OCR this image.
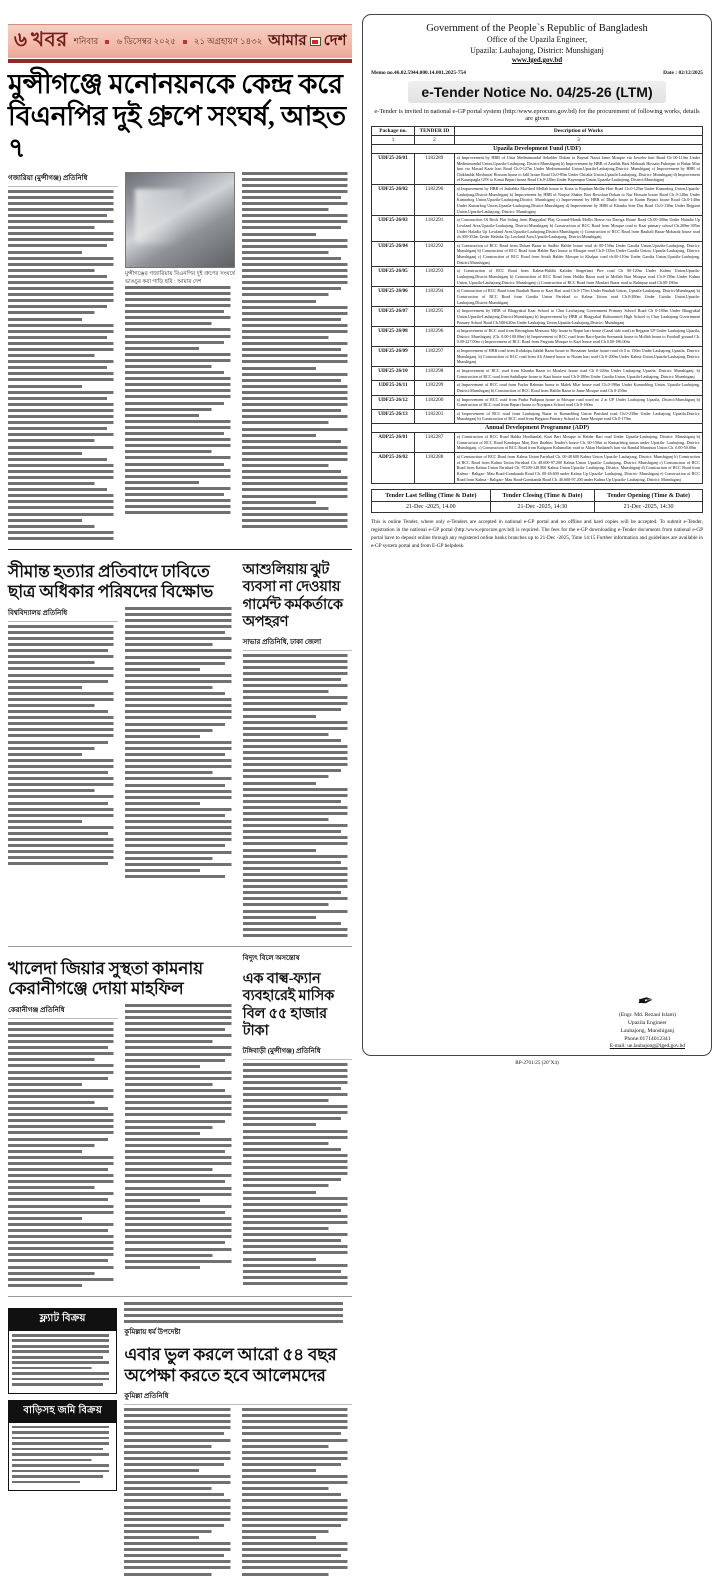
৬ খবর শনিবার ৬ ডিসেম্বর ২০২৫ ২১ অগ্রহায়ণ ১৪৩২ আমার দেশ
মুন্সীগঞ্জে মনোনয়নকে কেন্দ্র করে বিএনপির দুই গ্রুপে সংঘর্ষ, আহত ৭
গজারিয়া (মুন্সীগঞ্জ) প্রতিনিধি
মুন্সীগঞ্জের গজারিয়ায় বিএনপির দুই গ্রুপের সংঘর্ষে ভাঙচুর করা গাড়ি ছবি : আমার দেশ
সীমান্ত হত্যার প্রতিবাদে ঢাবিতে ছাত্র অধিকার পরিষদের বিক্ষোভ
বিশ্ববিদ্যালয় প্রতিনিধি
আশুলিয়ায় ঝুট ব্যবসা না দেওয়ায় গার্মেন্ট কর্মকর্তাকে অপহরণ
সাভার প্রতিনিধি, ঢাকা জেলা
খালেদা জিয়ার সুস্থতা কামনায় কেরানীগঞ্জে দোয়া মাহফিল
কেরানীগঞ্জ প্রতিনিধি
বিদ্যুৎ বিলে অসন্তোষ
এক বাল্ব-ফ্যান ব্যবহারেই মাসিক বিল ৫৫ হাজার টাকা
টঙ্গিবাড়ী (মুন্সীগঞ্জ) প্রতিনিধি
ফ্ল্যাট বিক্রয়
বাড়িসহ জমি বিক্রয়
কুমিল্লায় ধর্ম উপদেষ্টা
এবার ভুল করলে আরো ৫৪ বছর অপেক্ষা করতে হবে আলেমদের
কুমিল্লা প্রতিনিধি
Government of the People`s Republic of Bangladesh
Office of the Upazila Engineer,
Upazila: Lauhajong, District: Munshiganj
www.lged.gov.bd
Memo no.46.02.5944.000.14.001.2025-754	Date : 02/12/2025
e-Tender Notice No. 04/25-26 (LTM)
e-Tender is invited in national e-GP portal system (http:/www.eprocure.gov.bd) for the procurement of following works, details are given
Package no.	TENDER ID	Description of Works
1	2	3
Upazila Development Fund (UDF)		
UDF25-26/01	1182289	a) Improvement by HBB of Uttar Medinimondal Sekolder Dokan to Baynal Nazat Jame Mosque via Joweler hari Road Ch 00-110m Under Medinimondal Union,Upazila-Lauhajong, District:Munshiganj b) Improvement by HBB of Zaudda Hazi Mobarak Hossain Pukorpar to Bahar Miar hari via Masud Kazir hari Road Ch.0-127m Under Medinimondal Union,Upazila-Lauhajong,District: Munshiganj c) Improvement by HBB of Chikhadda Mosharraf Hossain house to Jalil house Road Ch.0-85m Under Chitalia Union,Upazila-Lauhajong, District: Munshiganj d) Improvement of Kaurupagla GPS to Kanai Bepari house Road Ch.0-230m Under Kayempur Union,Upazila-Lauhajong, District:Munshiganj
UDF25-26/02	1182290	a) Improvement by HBB of Jashaldia Morshed Mollah house to Kona to Rajaban Mollar Hari Road Ch.0-125m Under Kumarbog Union,Upazila-Lauhajong,District:Munshiganj b) Improvement by HBB of Nurpur Shaher Bari Rowshan Dokan to Nur Hossain house Road Ch 0-120m Under Kumarbog Union,Upazila-Lauhajong,District: Munshiganj c) Improvement by HBB of Dhalir house to Karim Bepari house Road Ch.0-140m Under Kumarbog Union,Upazila-Lauhajong,District:Munshiganj d) Improvement by HBB of Khanka Sree Das Road Ch.0-130m Under Bejgaon Union,Upazila-Lauhajong, District: Munshiganj
UDF25-26/03	1182291	a) Construction Of Brick Flat Soling from Bhagyakul Play Ground-Manik Mollis House via Daroga House Road Ch.00-300m Under Haladia Up Lowland Area,Upazila-Lauhajong, District:Munshiganj b) Construction of RCC Road from Mosque road to Kazi primary school Ch.200m-305m Under Haladia Up Lowland Area,Upazila-Lauhajong,District:Munshiganj c) Construction of RCC Road from Baultali Bazar-Mobarak house road ch.300-352m Under Haladia Up Lowland Area,Upazila-Lauhajong, District:Munshiganj
UDF25-26/04	1182292	a) Construction of RCC Road from Dokan Bazar to Sudhir Halder house road ch 00-150m Under Gaodia Union,Upazila-Lauhajong, District: Munshiganj b) Construction of RCC Road from Halder Bari house to Mosque road Ch.0-135m Under Gaodia Union, Upazila-Lauhajong, District: Munshiganj c) Construction of RCC Road from South Halder Mosque to Khalpar road ch.00-110m Under Gaodia Union,Upazila-Lauhajong, District:Munshiganj
UDF25-26/05	1182293	a) Construction of RCC Road from Kalma-Haldia Kalidas Singerbari Pire road Ch 00-120m Under Kalma Union,Upazila-Lauhajong,District:Munshiganj b) Construction of RCC Road from Haldia Bazar road to Mollah Bari Mosque road Ch.0-150m Under Kalma Union, Upazila-Lauhajong,District: Munshiganj c) Construction of RCC Road from Moulavi Bazar road to Ruhitpur road Ch.00-180m
UDF25-26/06	1182294	a) Construction of RCC Road from Baultali Bazar to Kazi Bari road Ch.0-175m Under Baultali Union, Upazila-Lauhajong, District:Munshiganj b) Construction of RCC Road from Gaodia Union Parishad to Kalma Union road Ch.0-200m Under Gaodia Union,Upazila-Lauhajong,District:Munshiganj
UDF25-26/07	1182295	a) Improvement by HBB of Bhagyakul Kazi School to Char Lawhajong Government Primary School Road Ch 0-180m Under Bhagyakul Union,Upazila-Lauhajong,District:Munshiganj b) Improvement by HBB of Bhagyakul Bohoromoli High School to Char Lauhajong Government Primary School Road Ch.500-620m Under Lauhajong Union,Upazila-Lauhajong,District: Munshiganj
UDF25-26/08	1182296	a) Improvement of RCC road from Betonghata Monsoor Miji house to Ropni hari house (Canal side road) at Bejgaon UP Under Lauhajong Upazila, District: Munshiganj. (Ch. 0.00-100.00m) b) Improvement of RCC road from Baro-Ipasha Sormanik house to Mollah house to Football ground Ch. 0.00-227.00m c) Improvement of RCC Road from Paigram Mosque to Kazi house road Ch 0.00-186.00m
UDF25-26/09	1182297	a) Improvement of HBB road from Kolakopa Jubdal Bazar house to Hossainer bordar house road ch 0 to 150m Under Lauhajong Upazila, District: Munshiganj. b) Construction of RCC road from Ali Ahmed house to Nizam bari road Ch 0-200m Under Kalma Union,Upazila-Lauhajong District: Munshiganj
UDF25-26/10	1182298	a) Improvement of RCC road from Khanka Bazar to Moulavi house road Ch 0-220m Under Lauhajong Upazila, District: Munshiganj. b) Construction of RCC road from Sadullapur house to Kazi house road Ch 0-180m Under Gaodia Union, Upazila-Lauhajong, District: Munshiganj
UDF25-26/11	1182299	a) Improvement of RCC road from Fazlur Rahman house to Malek Miar house road Ch.0-190m Under Kumarbhog Union, Upazila-Lauhajong, District:Munshiganj b) Construction of RCC Road from Haldia Bazar to Jame Mosque road Ch 0-250m
UDF25-26/12	1182200	a) Improvement of RCC road from Purba Paikpara house to Mosque road word no 2 at UP Under Lauhajong Upazila, District:Munshiganj b) Construction of RCC road from Bepari house to Noyapara School road Ch 0-160m
UDF25-26/13	1182201	a) Improvement of RCC road from Lauhajong Bazar to Kumarbhog Union Parishad road Ch.0-230m Under Lauhajong Upazila,District: Munshiganj b) Construction of RCC road from Bejgaon Primary School to Jame Mosque road Ch.0-170m
Annual Development Programme (ADP)		
ADP25-26/01	1182287	a) Construction of RCC Road Haldia Hordhanlal, Kazi Bari Mosque to Halder Bari road Under Upazila-Lauhajong, District: Munshiganj b) Construction of RCC Road Kandapar Marj Bari Ibrahim Tender's house Ch. 60-150m at Kumarbhog union under Upazila- Lauhajong, District: Munshiganj. c) Construction of RCC Road from Kaitgaon Kalumollar road to Aklan Husband's hari via Ramlal Munshuri Union Ch. 0.00-50.00m
ADP25-26/02	1182288	a) Construction of RCC Road from Kalma Union Parishad Ch. 00-48.600 Kalma Union Upazila- Lauhajong, District: Munshiganj b) Construction of RCC Road from Kalma Union Parishad Ch. 48.600-97.200 Kalma Union Upazila- Lauhajong, District: Munshiganj c) Construction of RCC Road from Kalma Union Parishad Ch. 97200-148.800 Kalma Union Upazila- Lauhajong, District: Munshiganj d) Construction of RCC Road from Kalma - Baligao- Mau Road-Gomkanda Road Ch. 00-46.600 under Kalma Up Upazila- Lauhajong, District- Munshiganj e) Construction of RCC Road from Kalma - Baligao- Mau Road-Gomkanda Road Ch. 46.600-97.200 under Kalma Up Upazila- Lauhajong, District: Munshiganj
Tender Last Selling (Time & Date)	Tender Closing (Time & Date)	Tender Opening (Time & Date)
21-Dec -2025, 14.00	21-Dec -2025, 14:30	21-Dec -2025, 14:30
This is online Tender, where only e-Tenders are accepted in national e-GP portal and no offline and hard copies will be accepted. To submit e-Tender, registration in the national e-GP portal (http:/www.eprocure.gov.bd) is required. The fees for the e-GP downloading e-Tender documents from national e-GP portal have to deposit online through any registered online banks branches up to 21-Dec -2025, Time 14:15 Further information and guidelines are available in e-GP system portal and from E-GP helpdesk.
✒ ‎
(Engr. Md. Rezaul Islam)
Upazila Engineer
Lauhajong, Munshiganj
Phone:01714012341
E-mail: ue.lauhajong@lged.gov.bd
RP-2701/25 (20"X4)
